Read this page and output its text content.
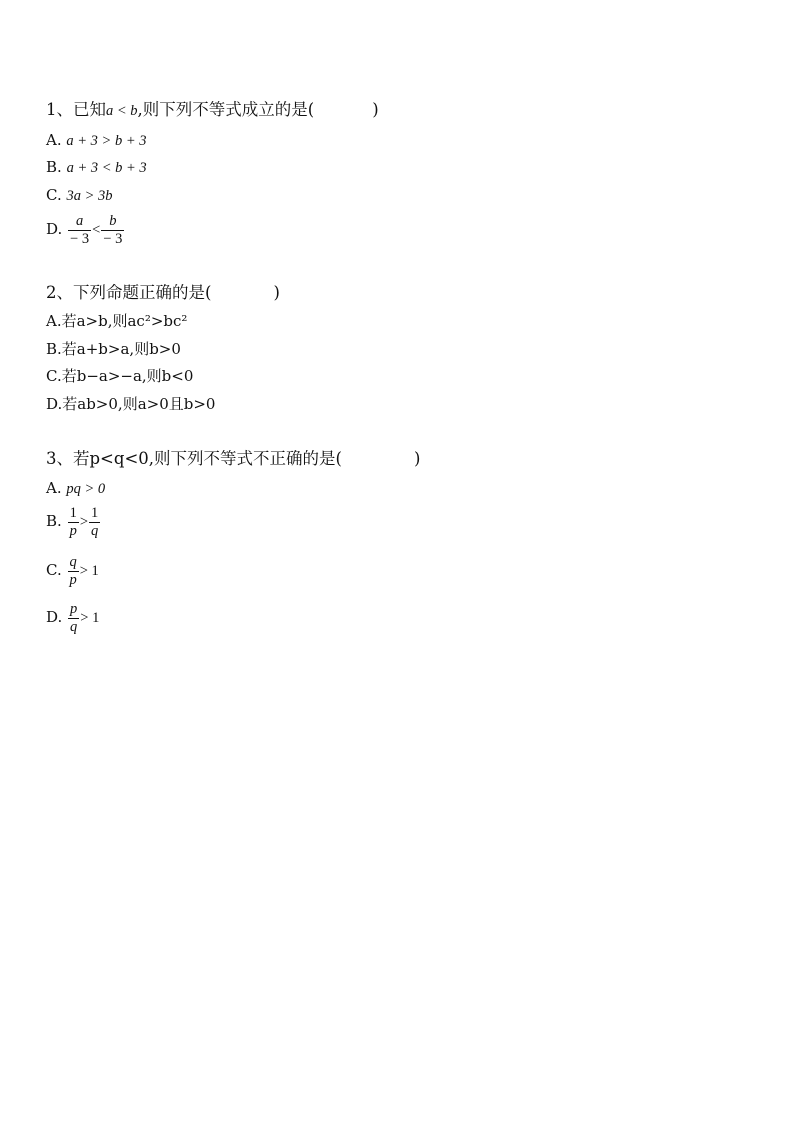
1、已知a < b,则下列不等式成立的是(	)
A. a + 3 > b + 3
B. a + 3 < b + 3
C. 3a > 3b
D. $\frac{a}{- 3} < \frac{b}{- 3}$
2、下列命题正确的是(	)
A.若a>b,则ac²>bc²
B.若a+b>a,则b>0
C.若b−a>−a,则b<0
D.若ab>0,则a>0且b>0
3、若p<q<0,则下列不等式不正确的是(	)
A. pq > 0
B. $\frac{1}{p} > \frac{1}{q}$
C. $\frac{q}{p} > 1$
D. $\frac{p}{q} > 1$
